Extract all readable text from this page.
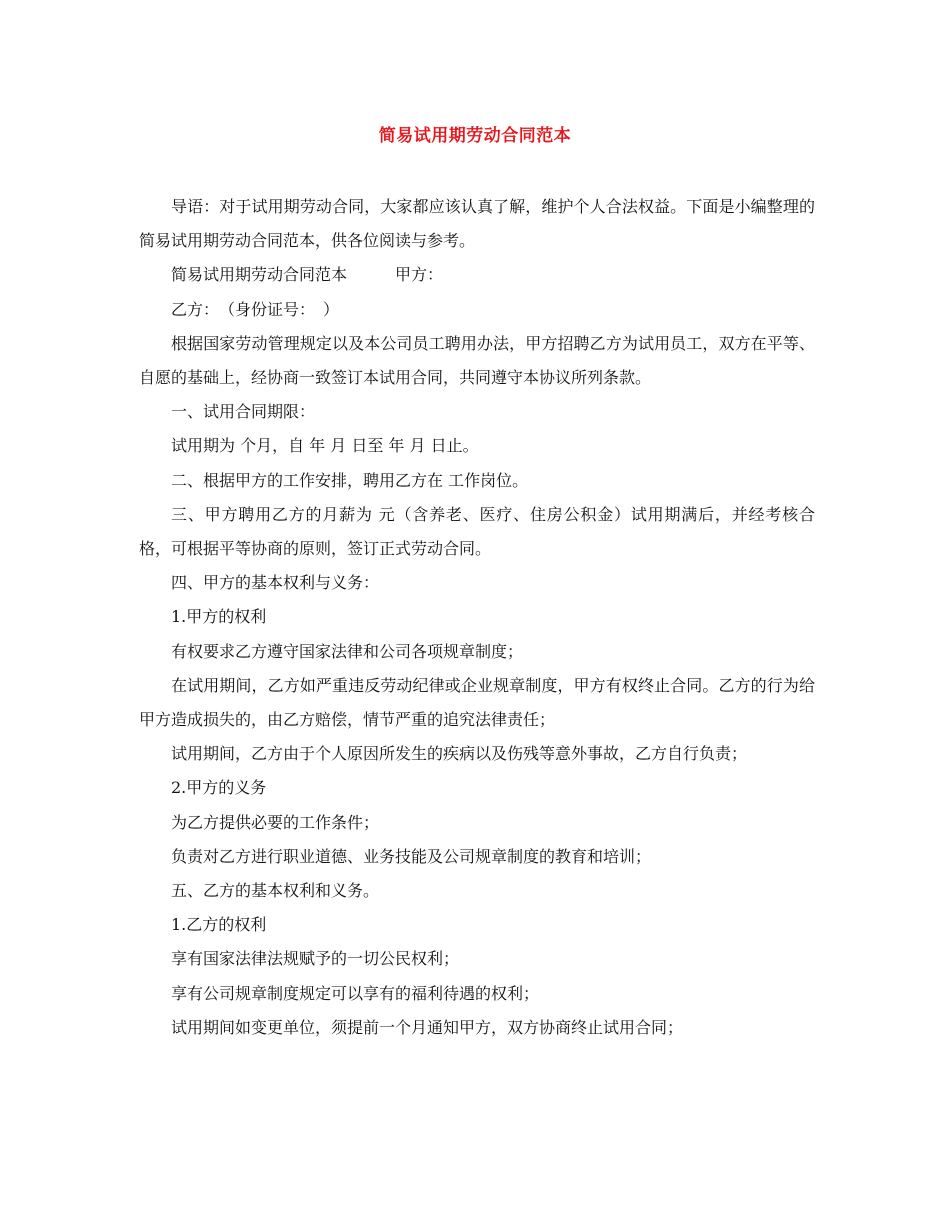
简易试用期劳动合同范本

导语：对于试用期劳动合同，大家都应该认真了解，维护个人合法权益。下面是小编整理的简易试用期劳动合同范本，供各位阅读与参考。

简易试用期劳动合同范本	甲方：

乙方：　（身份证号：　）

根据国家劳动管理规定以及本公司员工聘用办法，甲方招聘乙方为试用员工，双方在平等、自愿的基础上，经协商一致签订本试用合同，共同遵守本协议所列条款。

一、试用合同期限：

试用期为 个月，自 年 月 日至 年 月 日止。

二、根据甲方的工作安排，聘用乙方在 工作岗位。

三、甲方聘用乙方的月薪为 元（含养老、医疗、住房公积金）试用期满后，并经考核合格，可根据平等协商的原则，签订正式劳动合同。

四、甲方的基本权利与义务：

1.甲方的权利

有权要求乙方遵守国家法律和公司各项规章制度；

在试用期间，乙方如严重违反劳动纪律或企业规章制度，甲方有权终止合同。乙方的行为给甲方造成损失的，由乙方赔偿，情节严重的追究法律责任；

试用期间，乙方由于个人原因所发生的疾病以及伤残等意外事故，乙方自行负责；

2.甲方的义务

为乙方提供必要的工作条件；

负责对乙方进行职业道德、业务技能及公司规章制度的教育和培训；

五、乙方的基本权利和义务。

1.乙方的权利

享有国家法律法规赋予的一切公民权利；

享有公司规章制度规定可以享有的福利待遇的权利；

试用期间如变更单位，须提前一个月通知甲方，双方协商终止试用合同；
